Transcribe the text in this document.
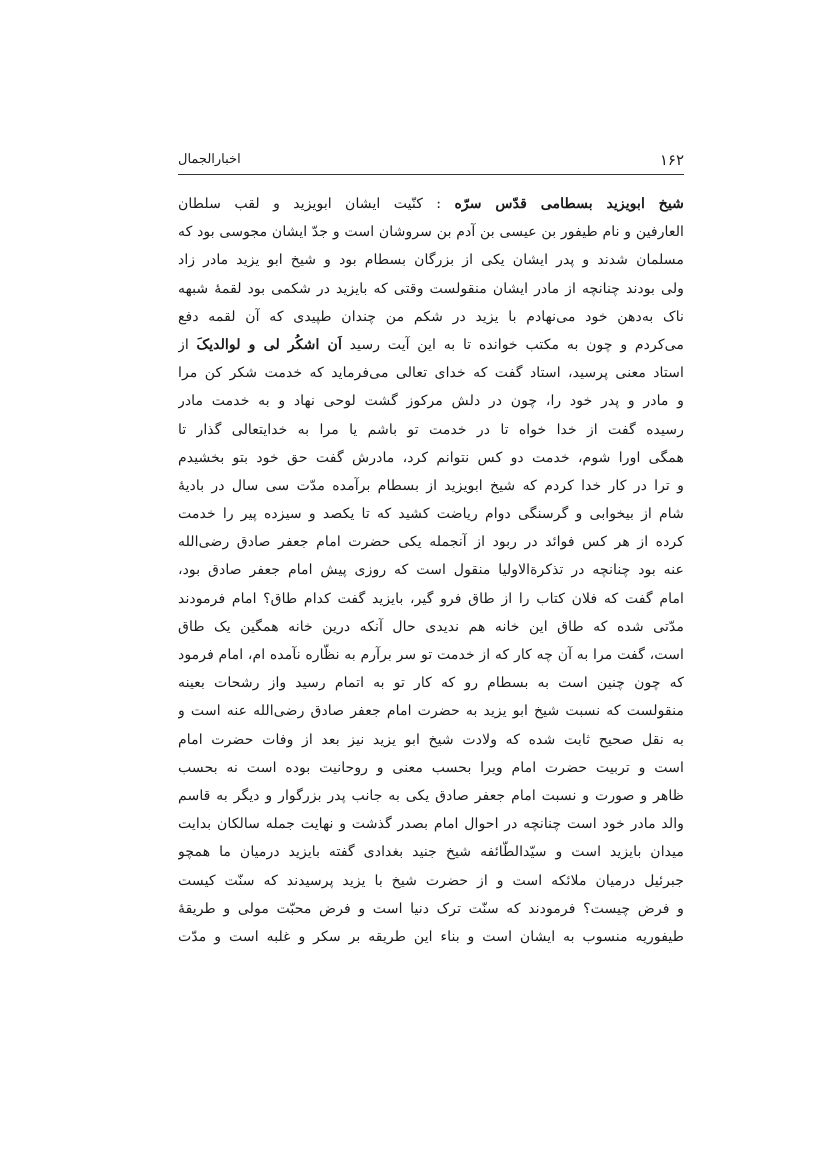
۱۶۲
اخبارالجمال
شیخ ابویزید بسطامی قدّس سرّه : کنّیت ایشان ابویزید و لقب سلطان
العارفین و نام طیفور بن عیسی بن آدم بن سروشان است و جدّ ایشان مجوسی بود که
مسلمان شدند و پدر ایشان یکی از بزرگان بسطام بود و شیخ ابو یزید مادر زاد
ولی بودند چنانچه از مادر ایشان منقولست وقتی که بایزید در شکمی بود لقمهٔ شبهه
ناک به‌دهن خود می‌نهادم با یزید در شکم من چندان طپیدی که آن لقمه دفع
می‌کردم و چون به مکتب خوانده تا به این آیت رسید اَن اشکُر لی و لوالدیکَ از
استاد معنی پرسید، استاد گفت که خدای تعالی می‌فرماید که خدمت شکر کن مرا
و مادر و پدر خود را، چون در دلش مرکوز گشت لوحی نهاد و به خدمت مادر
رسیده گفت از خدا خواه تا در خدمت تو باشم یا مرا به خدایتعالی گذار تا
همگی اورا شوم، خدمت دو کس نتوانم کرد، مادرش گفت حق خود بتو بخشیدم
و ترا در کار خدا کردم که شیخ ابویزید از بسطام برآمده مدّت سی سال در بادیهٔ
شام از بیخوابی و گرسنگی دوام ریاضت کشید که تا یکصد و سیزده پیر را خدمت
کرده از هر کس فوائد در ربود از آنجمله یکی حضرت امام جعفر صادق رضی‌الله
عنه بود چنانچه در تذکرةالاولیا منقول است که روزی پیش امام جعفر صادق بود،
امام گفت که فلان کتاب را از طاق فرو گیر، بایزید گفت کدام طاق؟ امام فرمودند
مدّتی شده که طاق این خانه هم ندیدی حال آنکه درین خانه همگین یک طاق
است، گفت مرا به آن چه کار که از خدمت تو سر برآرم به نظّاره نآمده ام، امام فرمود
که چون چنین است به بسطام رو که کار تو به اتمام رسید واز رشحات بعینه
منقولست که نسبت شیخ ابو یزید به حضرت امام جعفر صادق رضی‌الله عنه است و
به نقل صحیح ثابت شده که ولادت شیخ ابو یزید نیز بعد از وفات حضرت امام
است و تربیت حضرت امام ویرا بحسب معنی و روحانیت بوده است نه بحسب
ظاهر و صورت و نسبت امام جعفر صادق یکی به جانب پدر بزرگوار و دیگر به قاسم
والد مادر خود است چنانچه در احوال امام بصدر گذشت و نهایت جمله سالکان بدایت
میدان بایزید است و سیّدالطّائفه شیخ جنید بغدادی گفته بایزید درمیان ما همچو
جبرئیل درمیان ملائکه است و از حضرت شیخ با یزید پرسیدند که سنّت کیست
و فرض چیست؟ فرمودند که سنّت ترک دنیا است و فرض محبّت مولی و طریقهٔ
طیفوریه منسوب به ایشان است و بناء این طریقه بر سکر و غلبه است و مدّت
